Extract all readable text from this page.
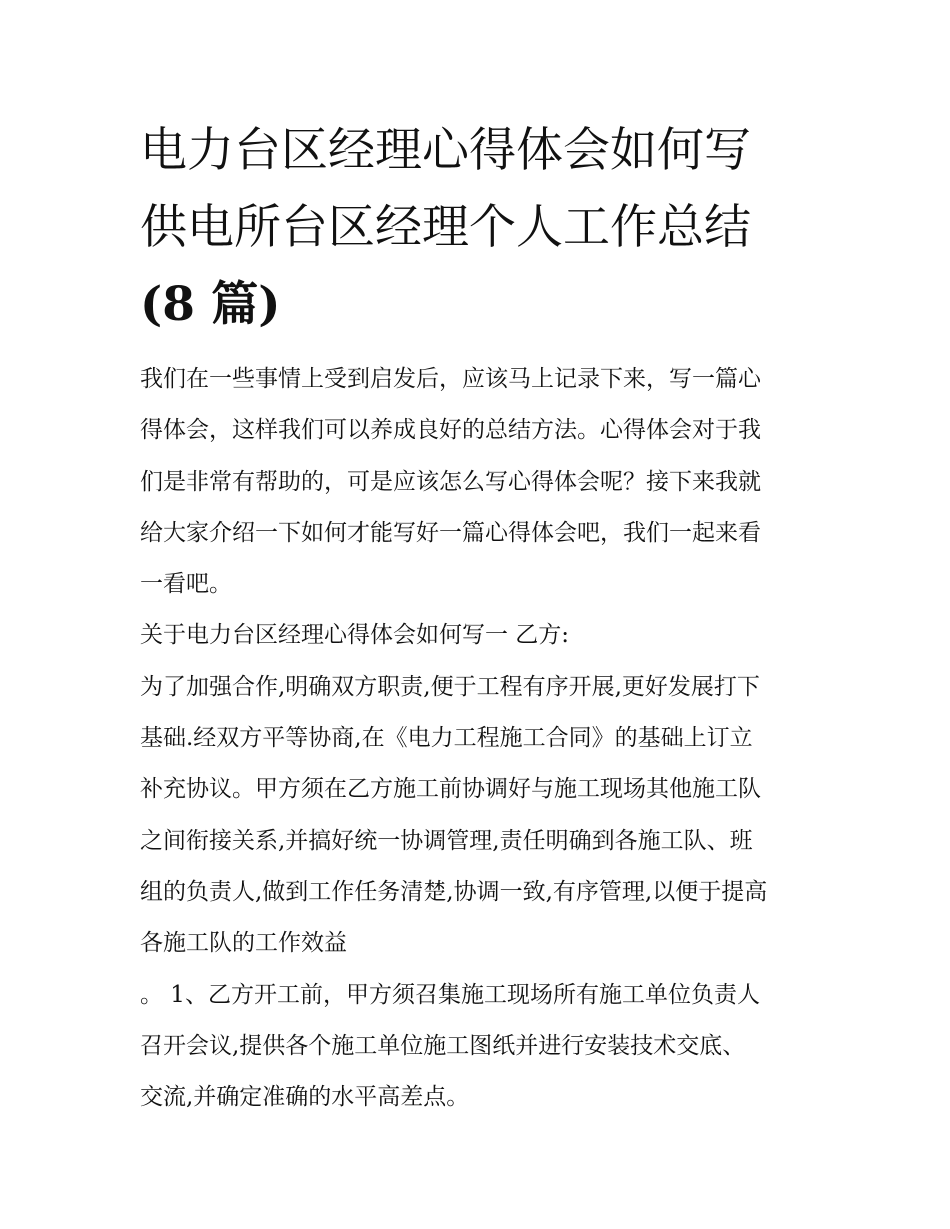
电力台区经理心得体会如何写
供电所台区经理个人工作总结
(8 篇)
我们在一些事情上受到启发后，应该马上记录下来，写一篇心
得体会，这样我们可以养成良好的总结方法。心得体会对于我
们是非常有帮助的，可是应该怎么写心得体会呢？接下来我就
给大家介绍一下如何才能写好一篇心得体会吧，我们一起来看
一看吧。
关于电力台区经理心得体会如何写一 乙方:
为了加强合作,明确双方职责,便于工程有序开展,更好发展打下
基础.经双方平等协商,在《电力工程施工合同》的基础上订立
补充协议。甲方须在乙方施工前协调好与施工现场其他施工队
之间衔接关系,并搞好统一协调管理,责任明确到各施工队、班
组的负责人,做到工作任务清楚,协调一致,有序管理,以便于提高
各施工队的工作效益
。 1、乙方开工前，甲方须召集施工现场所有施工单位负责人
召开会议,提供各个施工单位施工图纸并进行安装技术交底、
交流,并确定准确的水平高差点。
